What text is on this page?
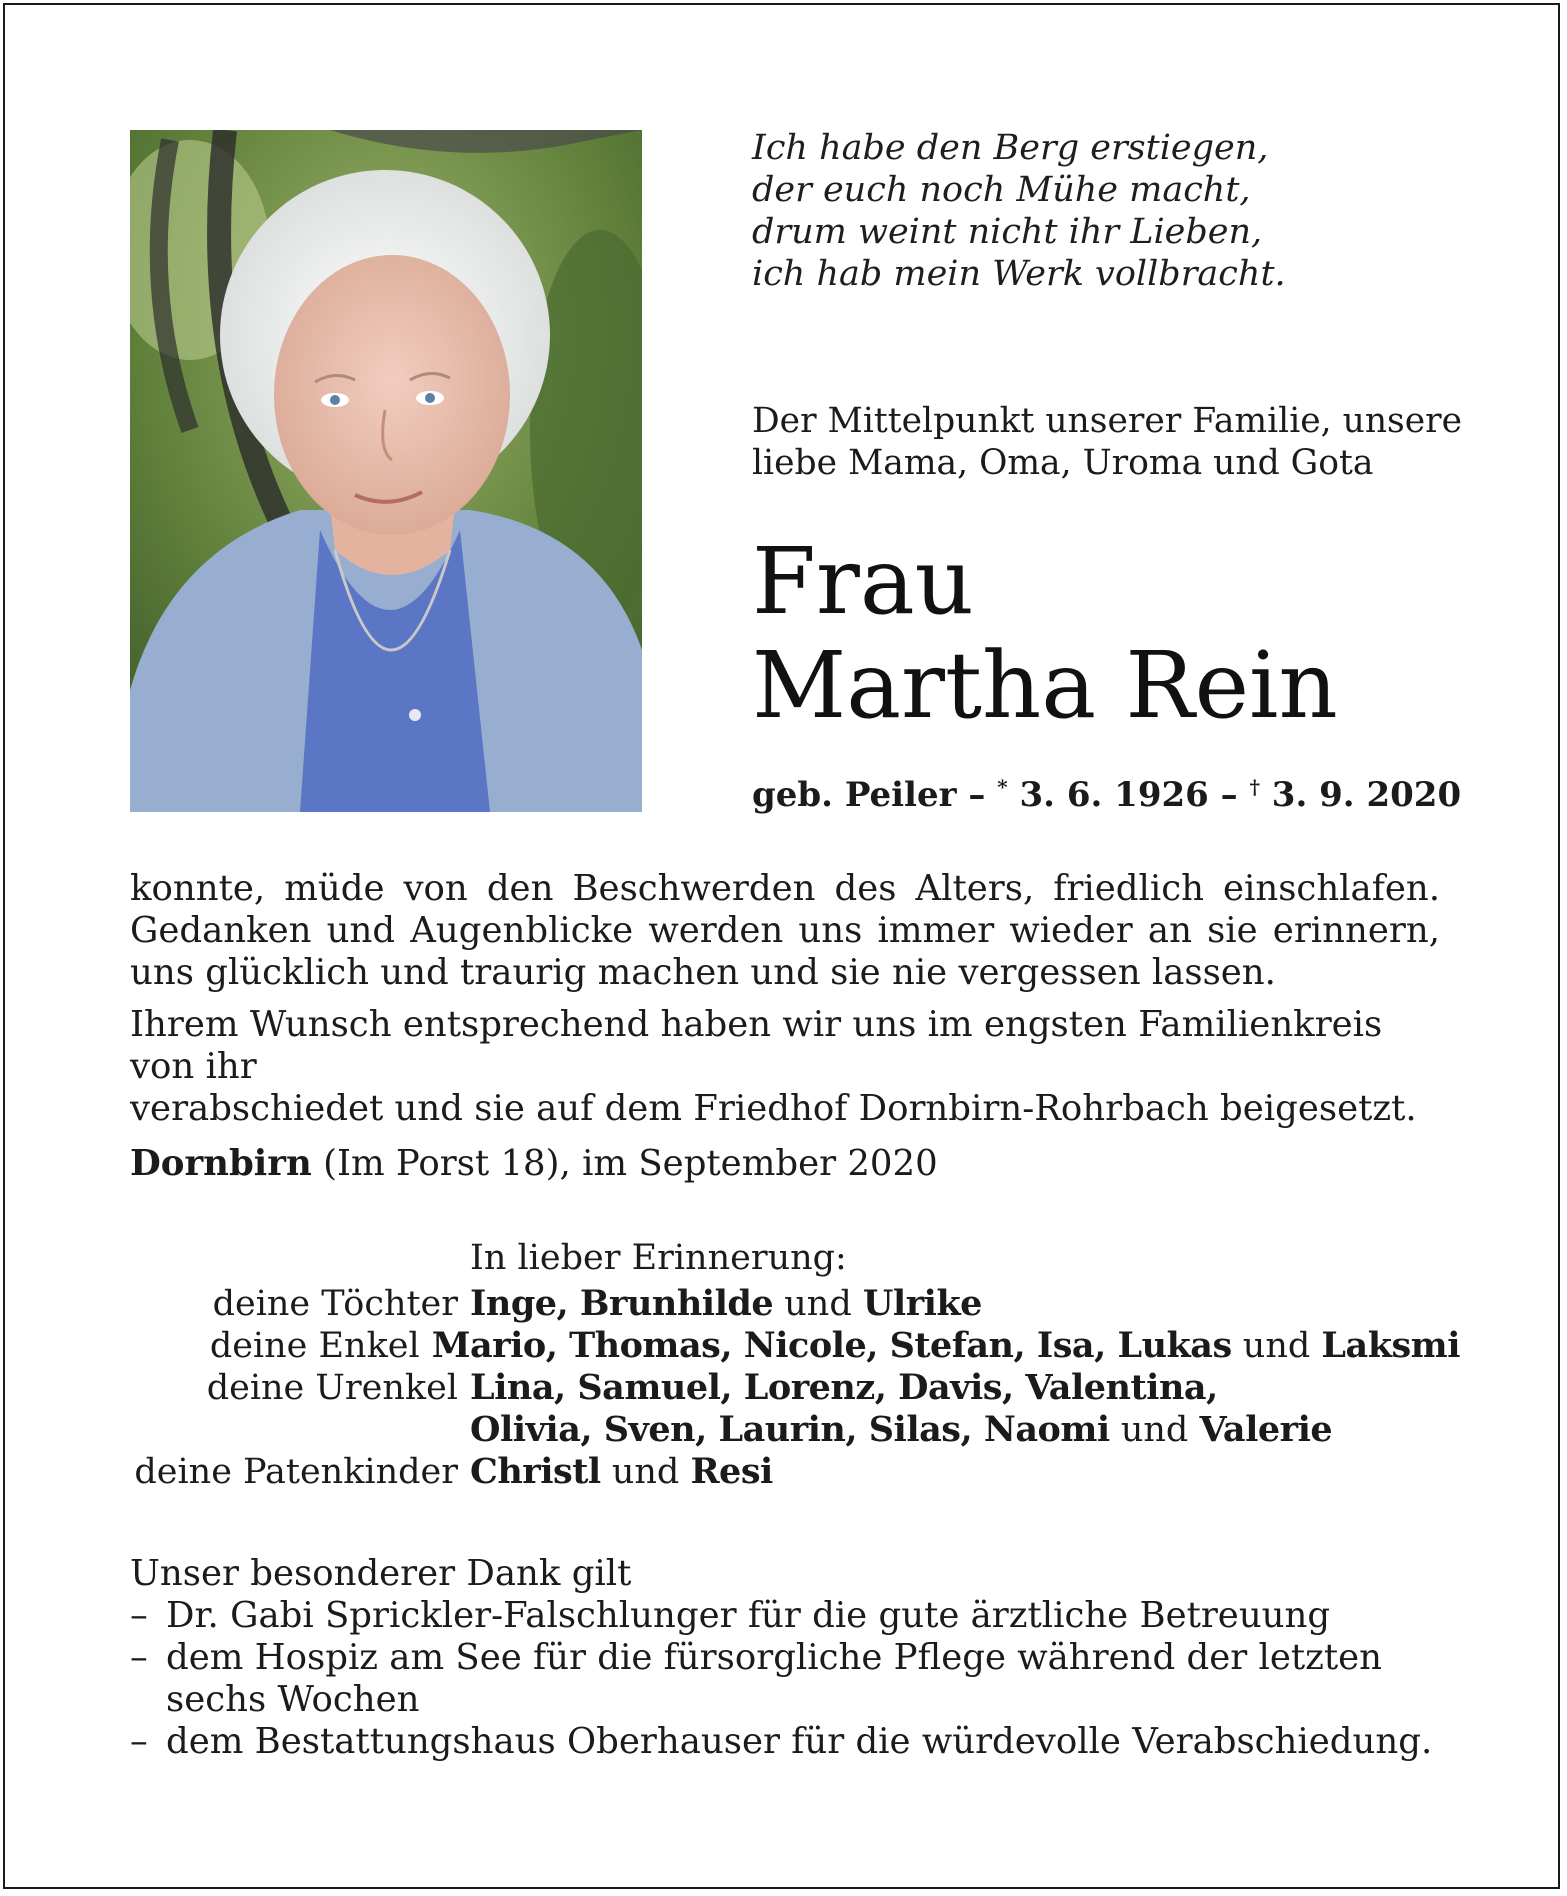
Ich habe den Berg erstiegen,
der euch noch Mühe macht,
drum weint nicht ihr Lieben,
ich hab mein Werk vollbracht.
Der Mittelpunkt unserer Familie, unsere
liebe Mama, Oma, Uroma und Gota
Frau
Martha Rein
geb. Peiler – * 3. 6. 1926 – † 3. 9. 2020

konnte, müde von den Beschwerden des Alters, friedlich einschlafen. Gedanken und Augenblicke werden uns immer wieder an sie erinnern, uns glücklich und traurig machen und sie nie vergessen lassen.

Ihrem Wunsch entsprechend haben wir uns im engsten Familienkreis von ihr
verabschiedet und sie auf dem Friedhof Dornbirn-Rohrbach beigesetzt.

Dornbirn (Im Porst 18), im September 2020
In lieber Erinnerung:
deine Töchter Inge, Brunhilde und Ulrike
deine Enkel Mario, Thomas, Nicole, Stefan, Isa, Lukas und Laksmi
deine Urenkel Lina, Samuel, Lorenz, Davis, Valentina,
Olivia, Sven, Laurin, Silas, Naomi und Valerie
deine Patenkinder Christl und Resi
Unser besonderer Dank gilt
– Dr. Gabi Sprickler-Falschlunger für die gute ärztliche Betreuung
– dem Hospiz am See für die fürsorgliche Pflege während der letzten sechs Wochen
– dem Bestattungshaus Oberhauser für die würdevolle Verabschiedung.
